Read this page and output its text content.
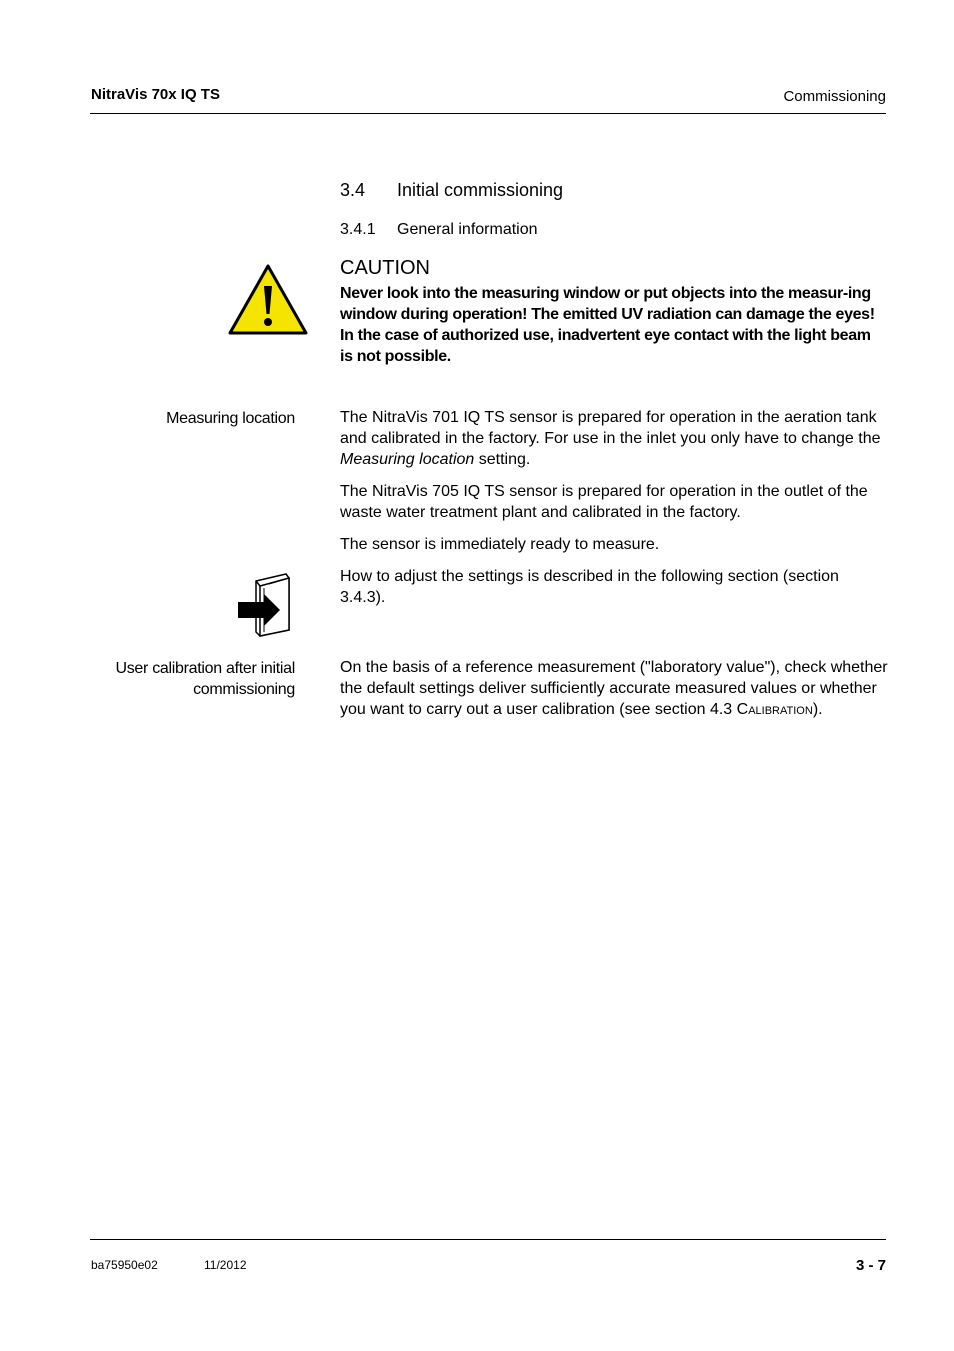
NitraVis 70x IQ TS	Commissioning
3.4 Initial commissioning
3.4.1 General information
CAUTION

Never look into the measuring window or put objects into the measur-ing window during operation! The emitted UV radiation can damage the eyes!

In the case of authorized use, inadvertent eye contact with the light beam is not possible.

Measuring location	The NitraVis 701 IQ TS sensor is prepared for operation in the aeration tank and calibrated in the factory. For use in the inlet you only have to change the Measuring location setting.
The NitraVis 705 IQ TS sensor is prepared for operation in the outlet of the waste water treatment plant and calibrated in the factory.
The sensor is immediately ready to measure.
How to adjust the settings is described in the following section (section 3.4.3).
User calibration after initial
commissioning
On the basis of a reference measurement ("laboratory value"), check whether the default settings deliver sufficiently accurate measured values or whether you want to carry out a user calibration (see section 4.3 Calibration).
ba75950e02	11/2012	3 - 7
